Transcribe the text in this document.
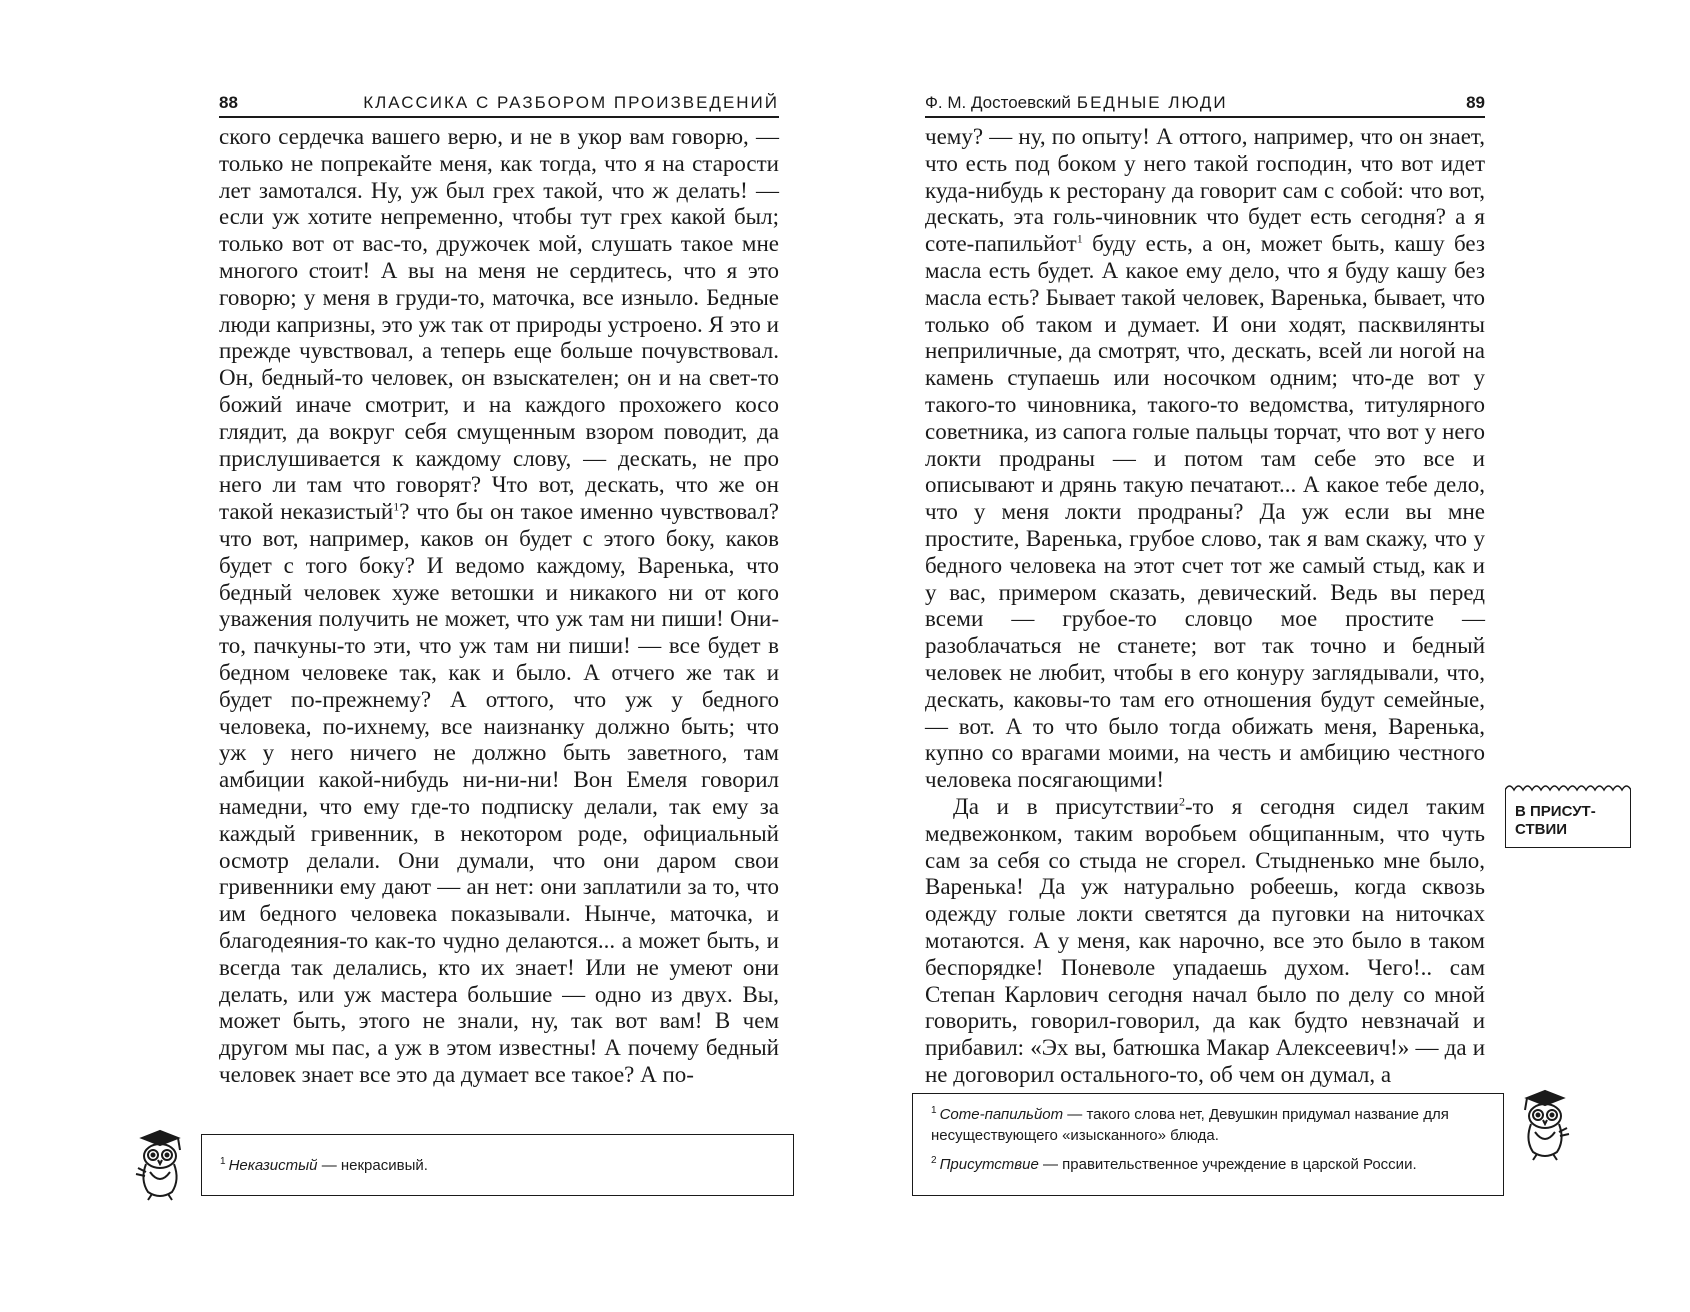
88	КЛАССИКА С РАЗБОРОМ ПРОИЗВЕДЕНИЙ

ского сердечка вашего верю, и не в укор вам говорю, — только не попрекайте меня, как тогда, что я на старости лет замотался. Ну, уж был грех такой, что ж делать! — если уж хотите непременно, чтобы тут грех какой был; только вот от вас-то, дружочек мой, слушать такое мне многого стоит! А вы на меня не сердитесь, что я это говорю; у меня в груди-то, маточка, все изныло. Бедные люди капризны, это уж так от природы устроено. Я это и прежде чувствовал, а теперь еще больше почувствовал. Он, бедный-то человек, он взыскателен; он и на свет-то божий иначе смотрит, и на каждого прохожего косо глядит, да вокруг себя смущенным взором поводит, да прислушивается к каждому слову, — дескать, не про него ли там что говорят? Что вот, дескать, что же он такой неказистый$^1$? что бы он такое именно чувствовал? что вот, например, каков он будет с этого боку, каков будет с того боку? И ведомо каждому, Варенька, что бедный человек хуже ветошки и никакого ни от кого уважения получить не может, что уж там ни пиши! Они-то, пачкуны-то эти, что уж там ни пиши! — все будет в бедном человеке так, как и было. А отчего же так и будет по-прежнему? А оттого, что уж у бедного человека, по-ихнему, все наизнанку должно быть; что уж у него ничего не должно быть заветного, там амбиции какой-нибудь ни-ни-ни! Вон Емеля говорил намедни, что ему где-то подписку делали, так ему за каждый гривенник, в некотором роде, официальный осмотр делали. Они думали, что они даром свои гривенники ему дают — ан нет: они заплатили за то, что им бедного человека показывали. Нынче, маточка, и благодеяния-то как-то чудно делаются... а может быть, и всегда так делались, кто их знает! Или не умеют они делать, или уж мастера большие — одно из двух. Вы, может быть, этого не знали, ну, так вот вам! В чем другом мы пас, а уж в этом известны! А почему бедный человек знает все это да думает все такое? А по-

$^1$ Неказистый — некрасивый.

Ф. М. Достоевский БЕДНЫЕ ЛЮДИ	89

чему? — ну, по опыту! А оттого, например, что он знает, что есть под боком у него такой господин, что вот идет куда-нибудь к ресторану да говорит сам с собой: что вот, дескать, эта голь-чиновник что будет есть сегодня? а я соте-папильйот$^1$ буду есть, а он, может быть, кашу без масла есть будет. А какое ему дело, что я буду кашу без масла есть? Бывает такой человек, Варенька, бывает, что только об таком и думает. И они ходят, пасквилянты неприличные, да смотрят, что, дескать, всей ли ногой на камень ступаешь или носочком одним; что-де вот у такого-то чиновника, такого-то ведомства, титулярного советника, из сапога голые пальцы торчат, что вот у него локти продраны — и потом там себе это все и описывают и дрянь такую печатают... А какое тебе дело, что у меня локти продраны? Да уж если вы мне простите, Варенька, грубое слово, так я вам скажу, что у бедного человека на этот счет тот же самый стыд, как и у вас, примером сказать, девический. Ведь вы перед всеми — грубое-то словцо мое простите — разоблачаться не станете; вот так точно и бедный человек не любит, чтобы в его конуру заглядывали, что, дескать, каковы-то там его отношения будут семейные, — вот. А то что было тогда обижать меня, Варенька, купно со врагами моими, на честь и амбицию честного человека посягающими!

Да и в присутствии$^2$-то я сегодня сидел таким медвежонком, таким воробьем общипанным, что чуть сам за себя со стыда не сгорел. Стыдненько мне было, Варенька! Да уж натурально робеешь, когда сквозь одежду голые локти светятся да пуговки на ниточках мотаются. А у меня, как нарочно, все это было в таком беспорядке! Поневоле упадаешь духом. Чего!.. сам Степан Карлович сегодня начал было по делу со мной говорить, говорил-говорил, да как будто невзначай и прибавил: «Эх вы, батюшка Макар Алексеевич!» — да и не договорил остального-то, об чем он думал, а

В ПРИСУТ-
СТВИИ

$^1$ Соте-папильйот — такого слова нет, Девушкин придумал название для несуществующего «изысканного» блюда.

$^2$ Присутствие — правительственное учреждение в царской России.
